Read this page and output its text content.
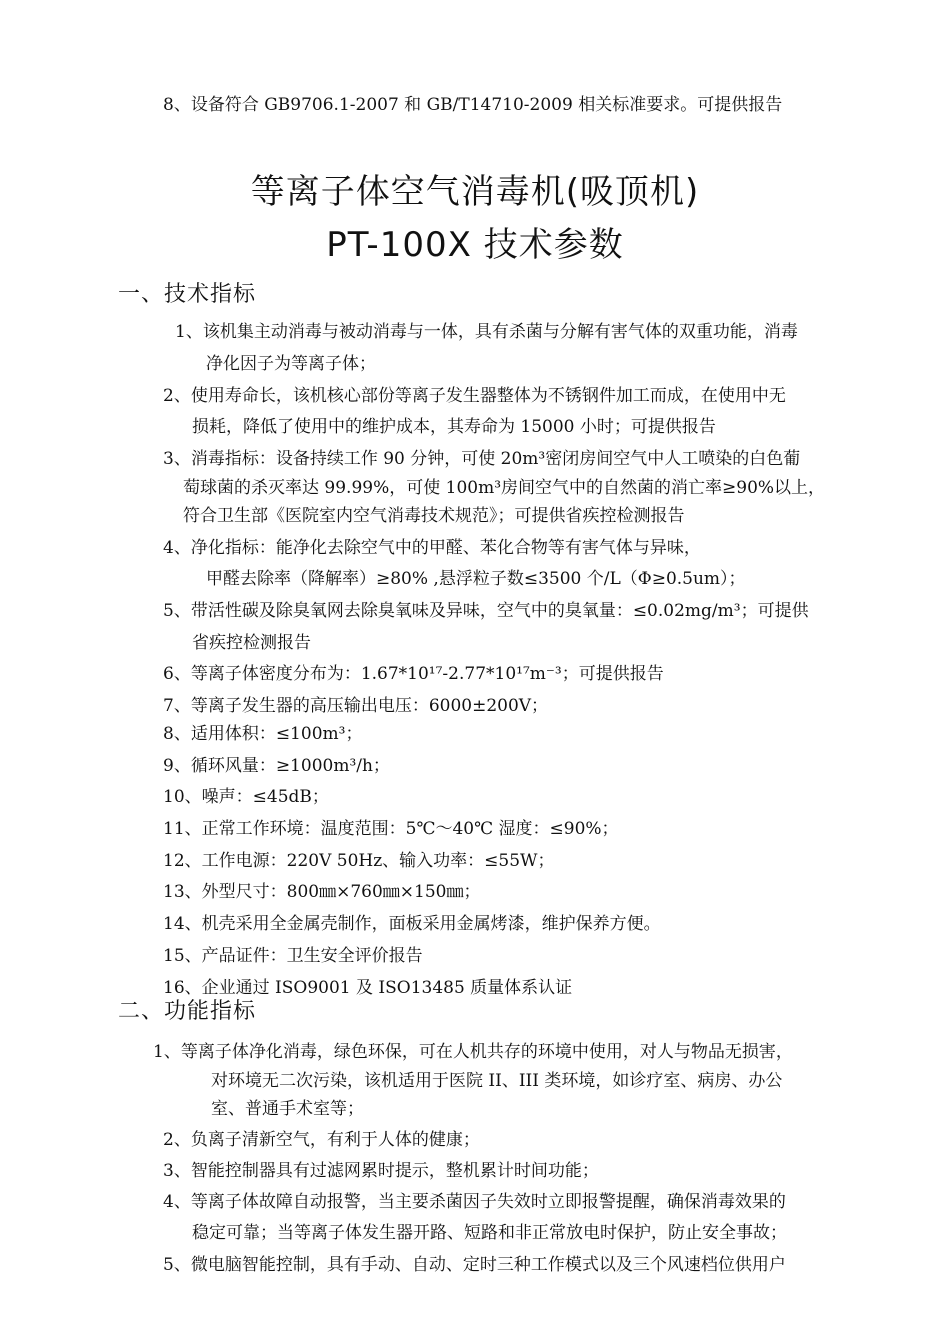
8、设备符合 GB9706.1-2007 和 GB/T14710-2009 相关标准要求。可提供报告
等离子体空气消毒机(吸顶机)
PT-100X 技术参数
一、技术指标
1、该机集主动消毒与被动消毒与一体，具有杀菌与分解有害气体的双重功能，消毒
净化因子为等离子体；
2、使用寿命长，该机核心部份等离子发生器整体为不锈钢件加工而成，在使用中无
损耗，降低了使用中的维护成本，其寿命为 15000 小时；可提供报告
3、消毒指标：设备持续工作 90 分钟，可使 20m³密闭房间空气中人工喷染的白色葡
萄球菌的杀灭率达 99.99%，可使 100m³房间空气中的自然菌的消亡率≥90%以上，
符合卫生部《医院室内空气消毒技术规范》；可提供省疾控检测报告
4、净化指标：能净化去除空气中的甲醛、苯化合物等有害气体与异味，
甲醛去除率（降解率）≥80% ,悬浮粒子数≤3500 个/L（Φ≥0.5um）；
5、带活性碳及除臭氧网去除臭氧味及异味，空气中的臭氧量：≤0.02mg/m³；可提供
省疾控检测报告
6、等离子体密度分布为：1.67*10¹⁷-2.77*10¹⁷m⁻³；可提供报告
7、等离子发生器的高压输出电压：6000±200V；
8、适用体积：≤100m³；
9、循环风量：≥1000m³/h；
10、噪声：≤45dB；
11、正常工作环境：温度范围：5℃～40℃ 湿度：≤90%；
12、工作电源：220V 50Hz、输入功率：≤55W；
13、外型尺寸：800㎜×760㎜×150㎜；
14、机壳采用全金属壳制作，面板采用金属烤漆，维护保养方便。
15、产品证件：卫生安全评价报告
16、企业通过 ISO9001 及 ISO13485 质量体系认证
二、功能指标
1、等离子体净化消毒，绿色环保，可在人机共存的环境中使用，对人与物品无损害，
对环境无二次污染，该机适用于医院 II、III 类环境，如诊疗室、病房、办公
室、普通手术室等；
2、负离子清新空气，有利于人体的健康；
3、智能控制器具有过滤网累时提示，整机累计时间功能；
4、等离子体故障自动报警，当主要杀菌因子失效时立即报警提醒，确保消毒效果的
稳定可靠；当等离子体发生器开路、短路和非正常放电时保护，防止安全事故；
5、微电脑智能控制，具有手动、自动、定时三种工作模式以及三个风速档位供用户
